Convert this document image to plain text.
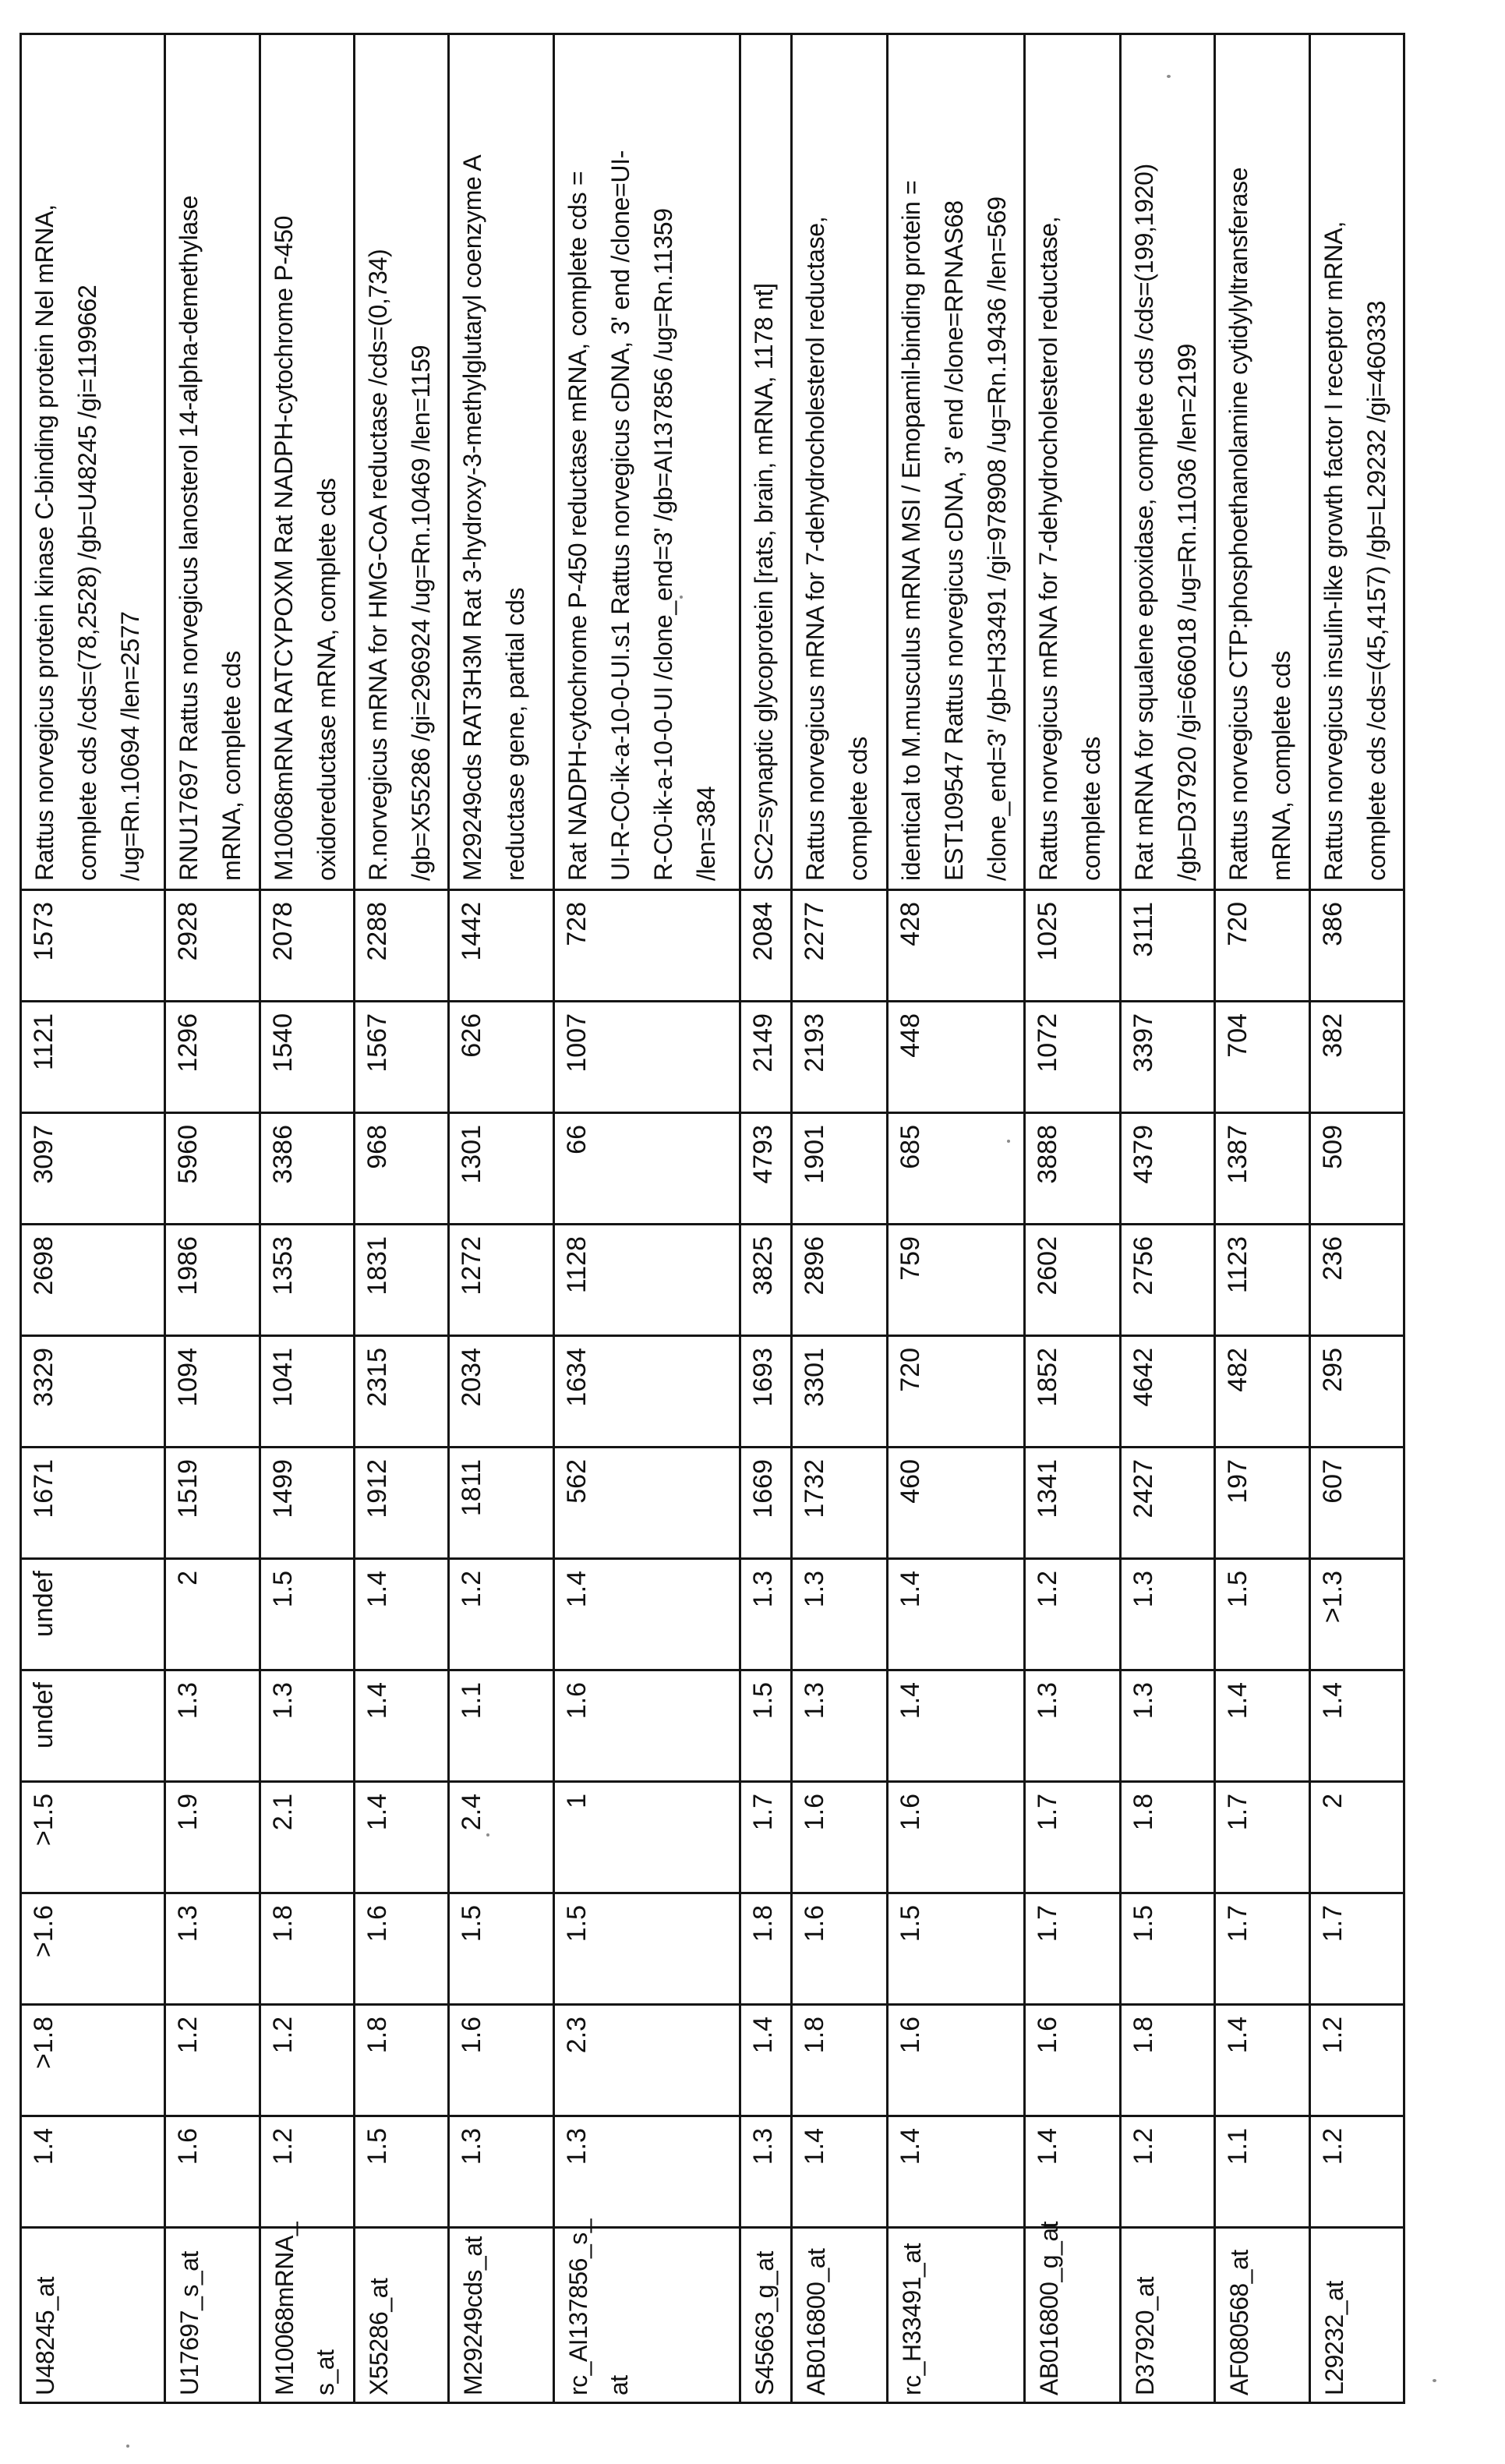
U48245_at	1.4	>1.8	>1.6	>1.5	undef	undef	1671	3329	2698	3097	1121	1573	Rattus norvegicus protein kinase C-binding protein Nel mRNA,
complete cds /cds=(78,2528) /gb=U48245 /gi=1199662
/ug=Rn.10694 /len=2577
U17697_s_at	1.6	1.2	1.3	1.9	1.3	2	1519	1094	1986	5960	1296	2928	RNU17697 Rattus norvegicus lanosterol 14-alpha-demethylase
mRNA, complete cds
M10068mRNA_
s_at	1.2	1.2	1.8	2.1	1.3	1.5	1499	1041	1353	3386	1540	2078	M10068mRNA RATCYPOXM Rat NADPH-cytochrome P-450
oxidoreductase mRNA, complete cds
X55286_at	1.5	1.8	1.6	1.4	1.4	1.4	1912	2315	1831	968	1567	2288	R.norvegicus mRNA for HMG-CoA reductase /cds=(0,734)
/gb=X55286 /gi=296924 /ug=Rn.10469 /len=1159
M29249cds_at	1.3	1.6	1.5	2.4	1.1	1.2	1811	2034	1272	1301	626	1442	M29249cds RAT3H3M Rat 3-hydroxy-3-methylglutaryl coenzyme A
reductase gene, partial cds
rc_AI137856_s_
at	1.3	2.3	1.5	1	1.6	1.4	562	1634	1128	66	1007	728	Rat NADPH-cytochrome P-450 reductase mRNA, complete cds =
UI-R-C0-ik-a-10-0-UI.s1 Rattus norvegicus cDNA, 3' end /clone=UI-
R-C0-ik-a-10-0-UI /clone_end=3' /gb=AI137856 /ug=Rn.11359
/len=384
S45663_g_at	1.3	1.4	1.8	1.7	1.5	1.3	1669	1693	3825	4793	2149	2084	SC2=synaptic glycoprotein [rats, brain, mRNA, 1178 nt]
AB016800_at	1.4	1.8	1.6	1.6	1.3	1.3	1732	3301	2896	1901	2193	2277	Rattus norvegicus mRNA for 7-dehydrocholesterol reductase,
complete cds
rc_H33491_at	1.4	1.6	1.5	1.6	1.4	1.4	460	720	759	685	448	428	identical to M.musculus mRNA MSI / Emopamil-binding protein =
EST109547 Rattus norvegicus cDNA, 3' end /clone=RPNAS68
/clone_end=3' /gb=H33491 /gi=978908 /ug=Rn.19436 /len=569
AB016800_g_at	1.4	1.6	1.7	1.7	1.3	1.2	1341	1852	2602	3888	1072	1025	Rattus norvegicus mRNA for 7-dehydrocholesterol reductase,
complete cds
D37920_at	1.2	1.8	1.5	1.8	1.3	1.3	2427	4642	2756	4379	3397	3111	Rat mRNA for squalene epoxidase, complete cds /cds=(199,1920)
/gb=D37920 /gi=666018 /ug=Rn.11036 /len=2199
AF080568_at	1.1	1.4	1.7	1.7	1.4	1.5	197	482	1123	1387	704	720	Rattus norvegicus CTP:phosphoethanolamine cytidylyltransferase
mRNA, complete cds
L29232_at	1.2	1.2	1.7	2	1.4	>1.3	607	295	236	509	382	386	Rattus norvegicus insulin-like growth factor I receptor mRNA,
complete cds /cds=(45,4157) /gb=L29232 /gi=460333
